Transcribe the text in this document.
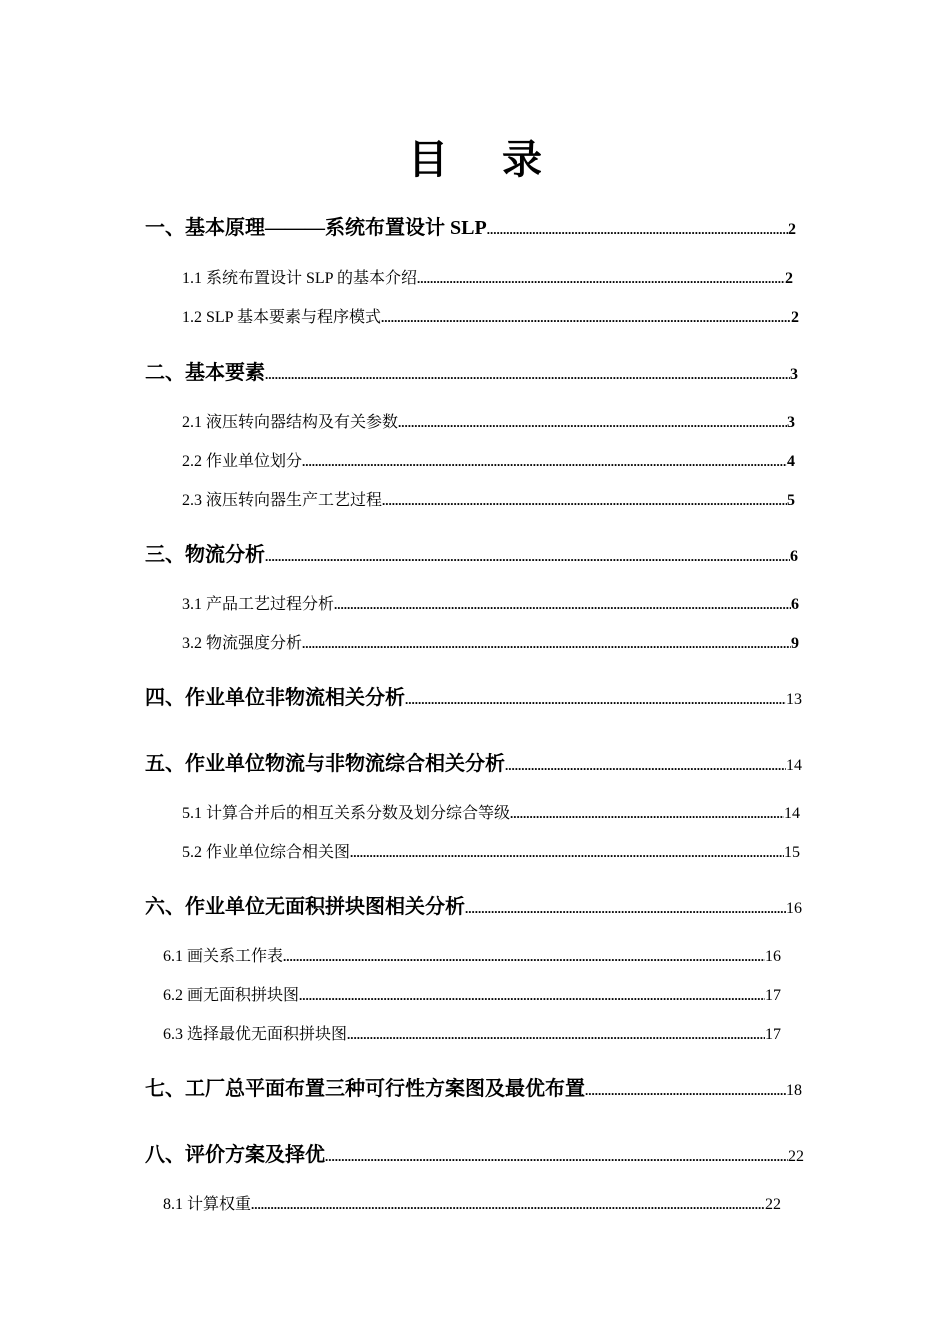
目 录
一、基本原理———系统布置设计 SLP .....	2
1.1 系统布置设计 SLP 的基本介绍 .....	2
1.2 SLP 基本要素与程序模式 .....	2
二、基本要素 .....	3
2.1 液压转向器结构及有关参数 .....	3
2.2 作业单位划分 .....	4
2.3 液压转向器生产工艺过程 .....	5
三、物流分析 .....	6
3.1 产品工艺过程分析 .....	6
3.2 物流强度分析 .....	9
四、作业单位非物流相关分析 .....	13
五、作业单位物流与非物流综合相关分析 .....	14
5.1 计算合并后的相互关系分数及划分综合等级 .....	14
5.2 作业单位综合相关图 .....	15
六、作业单位无面积拼块图相关分析 .....	16
6.1 画关系工作表 .....	16
6.2 画无面积拼块图 .....	17
6.3 选择最优无面积拼块图 .....	17
七、工厂总平面布置三种可行性方案图及最优布置 .....	18
八、评价方案及择优 .....	22
8.1 计算权重 .....	22
